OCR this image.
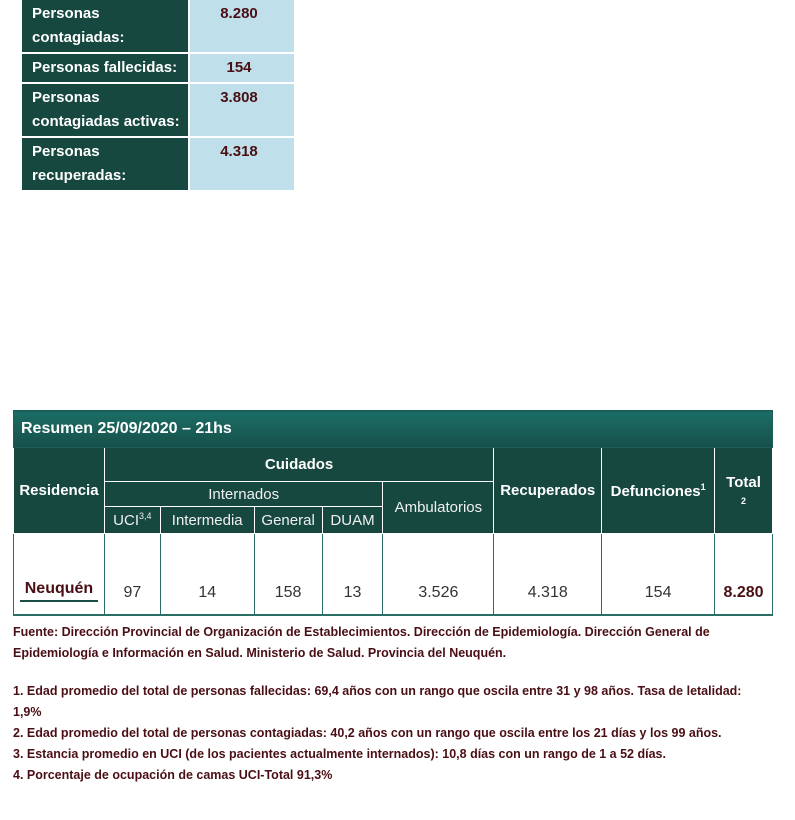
Personas contagiadas:	8.280
Personas fallecidas:	154
Personas contagiadas activas:	3.808
Personas recuperadas:	4.318
Resumen 25/09/2020 – 21hs								
Residencia	Cuidados					Recuperados	Defunciones$^1$	Total
2
	Internados				Ambulatorios			
	UCI$^{3,4}$	Intermedia	General	DUAM				
Neuquén	97	14	158	13	3.526	4.318	154	8.280

Fuente: Dirección Provincial de Organización de Establecimientos. Dirección de Epidemiología. Dirección General de Epidemiología e Información en Salud. Ministerio de Salud. Provincia del Neuquén.

1. Edad promedio del total de personas fallecidas: 69,4 años con un rango que oscila entre 31 y 98 años. Tasa de letalidad: 1,9%

2. Edad promedio del total de personas contagiadas: 40,2 años con un rango que oscila entre los 21 días y los 99 años.

3. Estancia promedio en UCI (de los pacientes actualmente internados): 10,8 días con un rango de 1 a 52 días.

4. Porcentaje de ocupación de camas UCI-Total 91,3%
